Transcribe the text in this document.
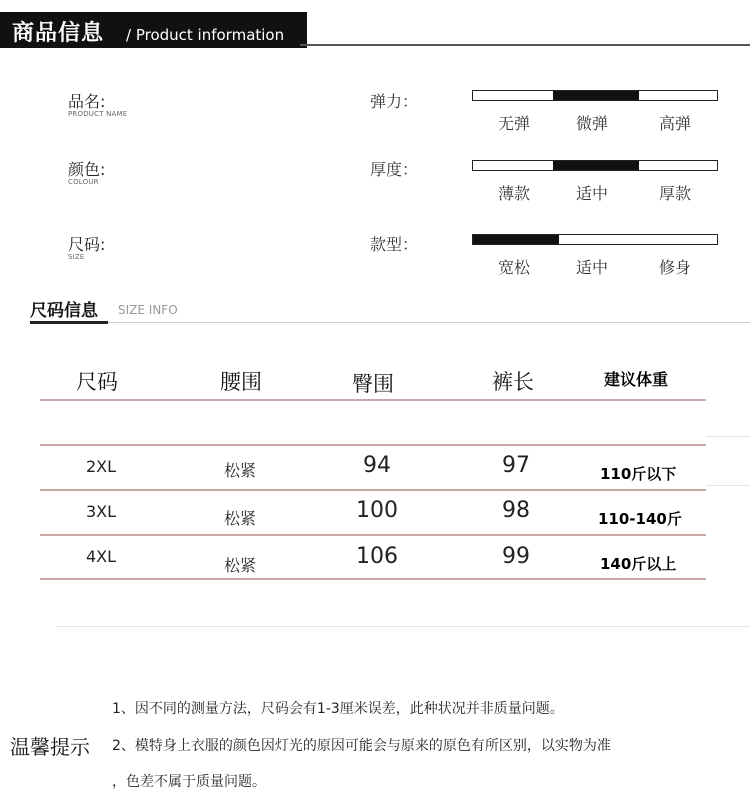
商品信息 / Product information
品名:
PRODUCT NAME
颜色:
COLOUR
尺码:
SIZE
弹力：
无弹	微弹	高弹
厚度：
薄款	适中	厚款
款型：
宽松	适中	修身
尺码信息 SIZE INFO
尺码	腰围	臀围	裤长	建议体重
2XL	松紧	94	97	110斤以下
3XL	松紧	100	98	110-140斤
4XL	松紧	106	99	140斤以上
1、因不同的测量方法，尺码会有1-3厘米误差，此种状况并非质量问题。
温馨提示 2、模特身上衣服的颜色因灯光的原因可能会与原来的原色有所区别，以实物为准
，色差不属于质量问题。
